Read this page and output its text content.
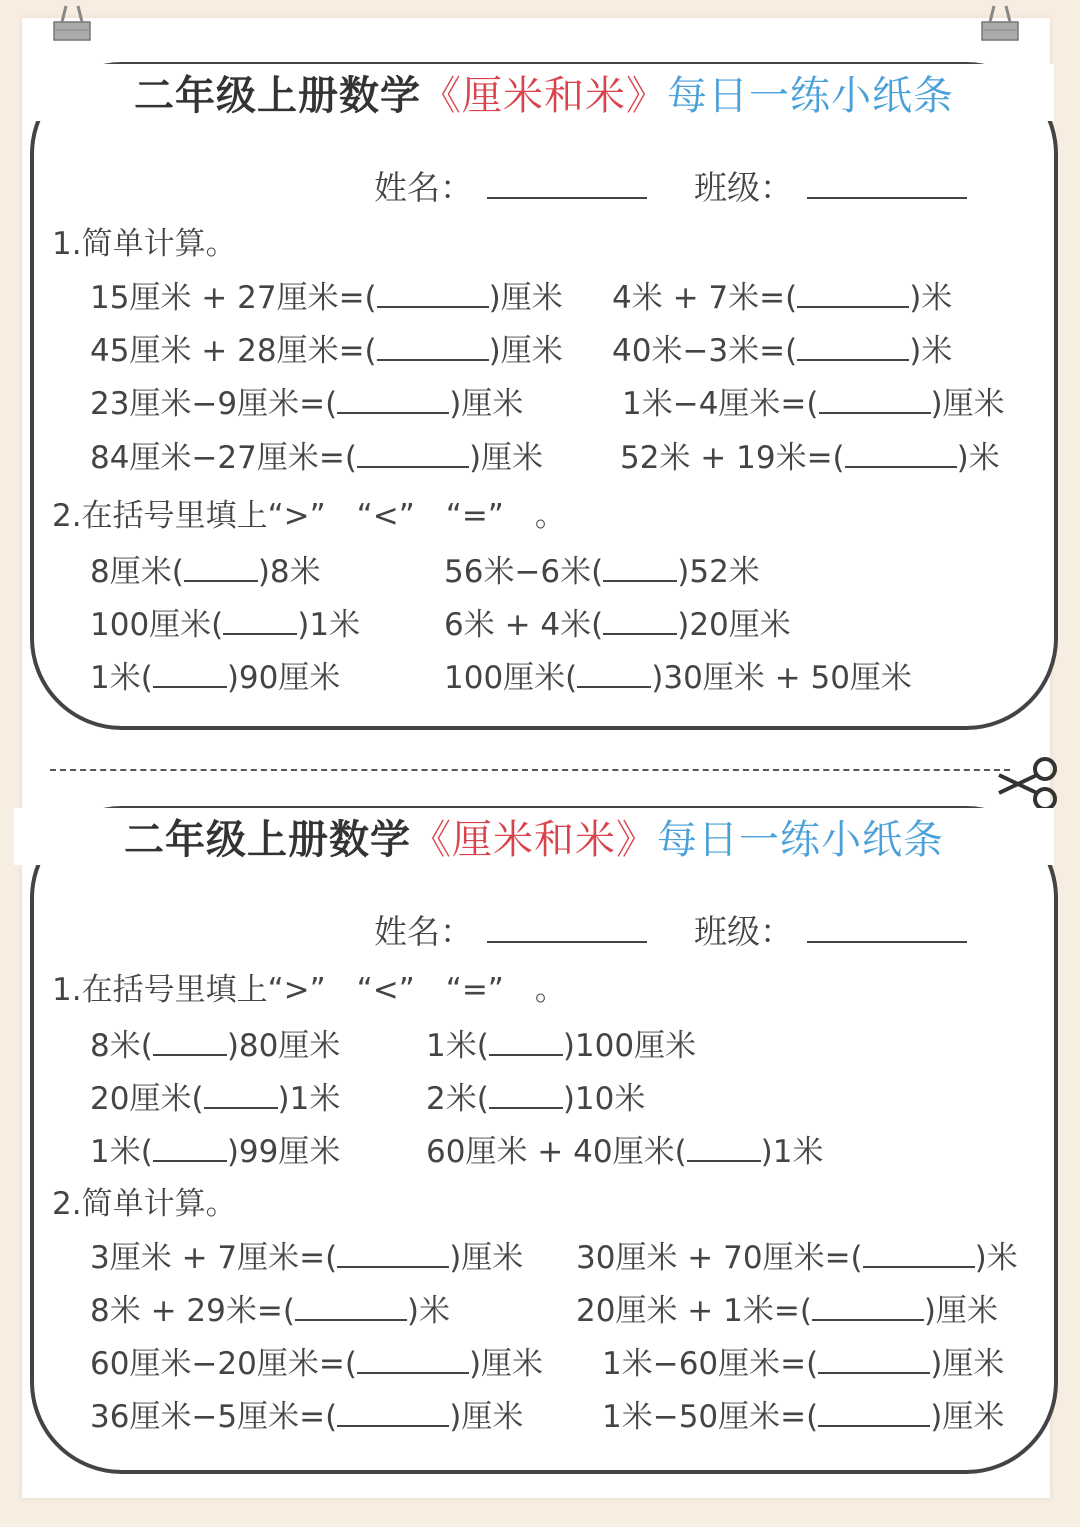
二年级上册数学《厘米和米》每日一练小纸条
姓名：	班级：
1.简单计算。
15厘米 + 27厘米=(	)厘米 4米 + 7米=(	)米
45厘米 + 28厘米=(	)厘米 40米−3米=(	)米
23厘米−9厘米=(	)厘米	1米−4厘米=(	)厘米
84厘米−27厘米=(	)厘米 52米 + 19米=(	)米
2.在括号里填上“>”　“<”　“=”　。
8厘米( )8米	56米−6米( )52米
100厘米( )1米	6米 + 4米( )20厘米
1米( )90厘米	100厘米( )30厘米 + 50厘米
二年级上册数学《厘米和米》每日一练小纸条
姓名：	班级：
1.在括号里填上“>”　“<”　“=”　。
8米( )80厘米	1米( )100厘米
20厘米( )1米	2米( )10米
1米( )99厘米	60厘米 + 40厘米( )1米
2.简单计算。
3厘米 + 7厘米=(	)厘米 30厘米 + 70厘米=(	)米
8米 + 29米=(	)米	20厘米 + 1米=(	)厘米
60厘米−20厘米=(	)厘米 1米−60厘米=(	)厘米
36厘米−5厘米=(	)厘米	1米−50厘米=(	)厘米
